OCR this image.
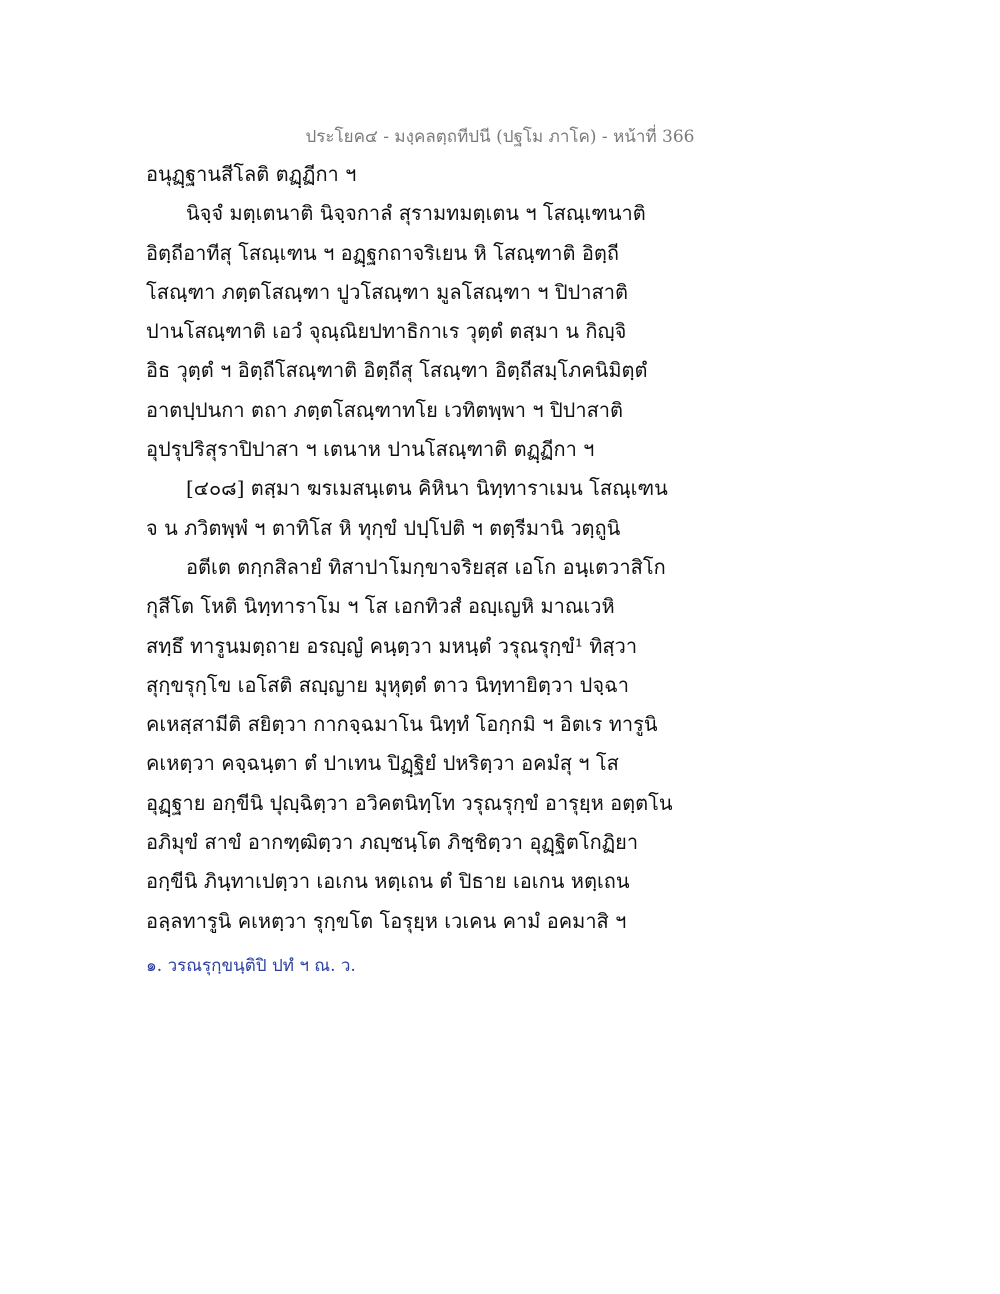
ประโยค๔ - มงฺคลตฺถทีปนี (ปฐโม ภาโค) - หน้าที่ 366
อนุฏฺฐานสีโลติ ตฏฺฏีกา ฯ
นิจฺจํ มตฺเตนาติ นิจฺจกาลํ สุรามทมตฺเตน ฯ โสณฺเฑนาติ
อิตฺถีอาทีสุ โสณฺเฑน ฯ อฏฺฐกถาจริเยน หิ โสณฺฑาติ อิตฺถี
โสณฺฑา ภตฺตโสณฺฑา ปูวโสณฺฑา มูลโสณฺฑา ฯ ปิปาสาติ
ปานโสณฺฑาติ เอวํ จุณฺณิยปทาธิกาเร วุตฺตํ ตสฺมา น กิญฺจิ
อิธ วุตฺตํ ฯ อิตฺถีโสณฺฑาติ อิตฺถีสุ โสณฺฑา อิตฺถีสมฺโภคนิมิตฺตํ
อาตปฺปนกา ตถา ภตฺตโสณฺฑาทโย เวทิตพฺพา ฯ ปิปาสาติ
อุปรุปริสุราปิปาสา ฯ เตนาห ปานโสณฺฑาติ ตฏฺฏีกา ฯ
[๔๐๘] ตสฺมา ฆรเมสนฺเตน คิหินา นิทฺทาราเมน โสณฺเฑน
จ น ภวิตพฺพํ ฯ ตาทิโส หิ ทุกฺขํ ปปฺโปติ ฯ ตตฺรีมานิ วตฺถูนิ
อตีเต ตกฺกสิลายํ ทิสาปาโมกฺขาจริยสฺส เอโก อนฺเตวาสิโก
กุสีโต โหติ นิทฺทาราโม ฯ โส เอกทิวสํ อญฺเญหิ มาณเวหิ
สทฺธึ ทารูนมตฺถาย อรญฺญํ คนฺตฺวา มหนฺตํ วรุณรุกฺขํ¹ ทิสฺวา
สุกฺขรุกฺโข เอโสติ สญฺญาย มุหุตฺตํ ตาว นิทฺทายิตฺวา ปจฺฉา
คเหสฺสามีติ สยิตฺวา กากจฺฉมาโน นิทฺทํ โอกฺกมิ ฯ อิตเร ทารูนิ
คเหตฺวา คจฺฉนฺตา ตํ ปาเทน ปิฏฺฐิยํ ปหริตฺวา อคมํสุ ฯ โส
อุฏฺฐาย อกฺขีนิ ปุญฺฉิตฺวา อวิคตนิทฺโท วรุณรุกฺขํ อารุยฺห อตฺตโน
อภิมุขํ สาขํ อากฑฺฒิตฺวา ภญฺชนฺโต ภิชฺชิตฺวา อุฏฺฐิตโกฏิยา
อกฺขีนิ ภินฺทาเปตฺวา เอเกน หตฺเถน ตํ ปิธาย เอเกน หตฺเถน
อลฺลทารูนิ คเหตฺวา รุกฺขโต โอรุยฺห เวเคน คามํ อคมาสิ ฯ
๑. วรณรุกฺขนฺติปิ ปทํ ฯ ณ. ว.
